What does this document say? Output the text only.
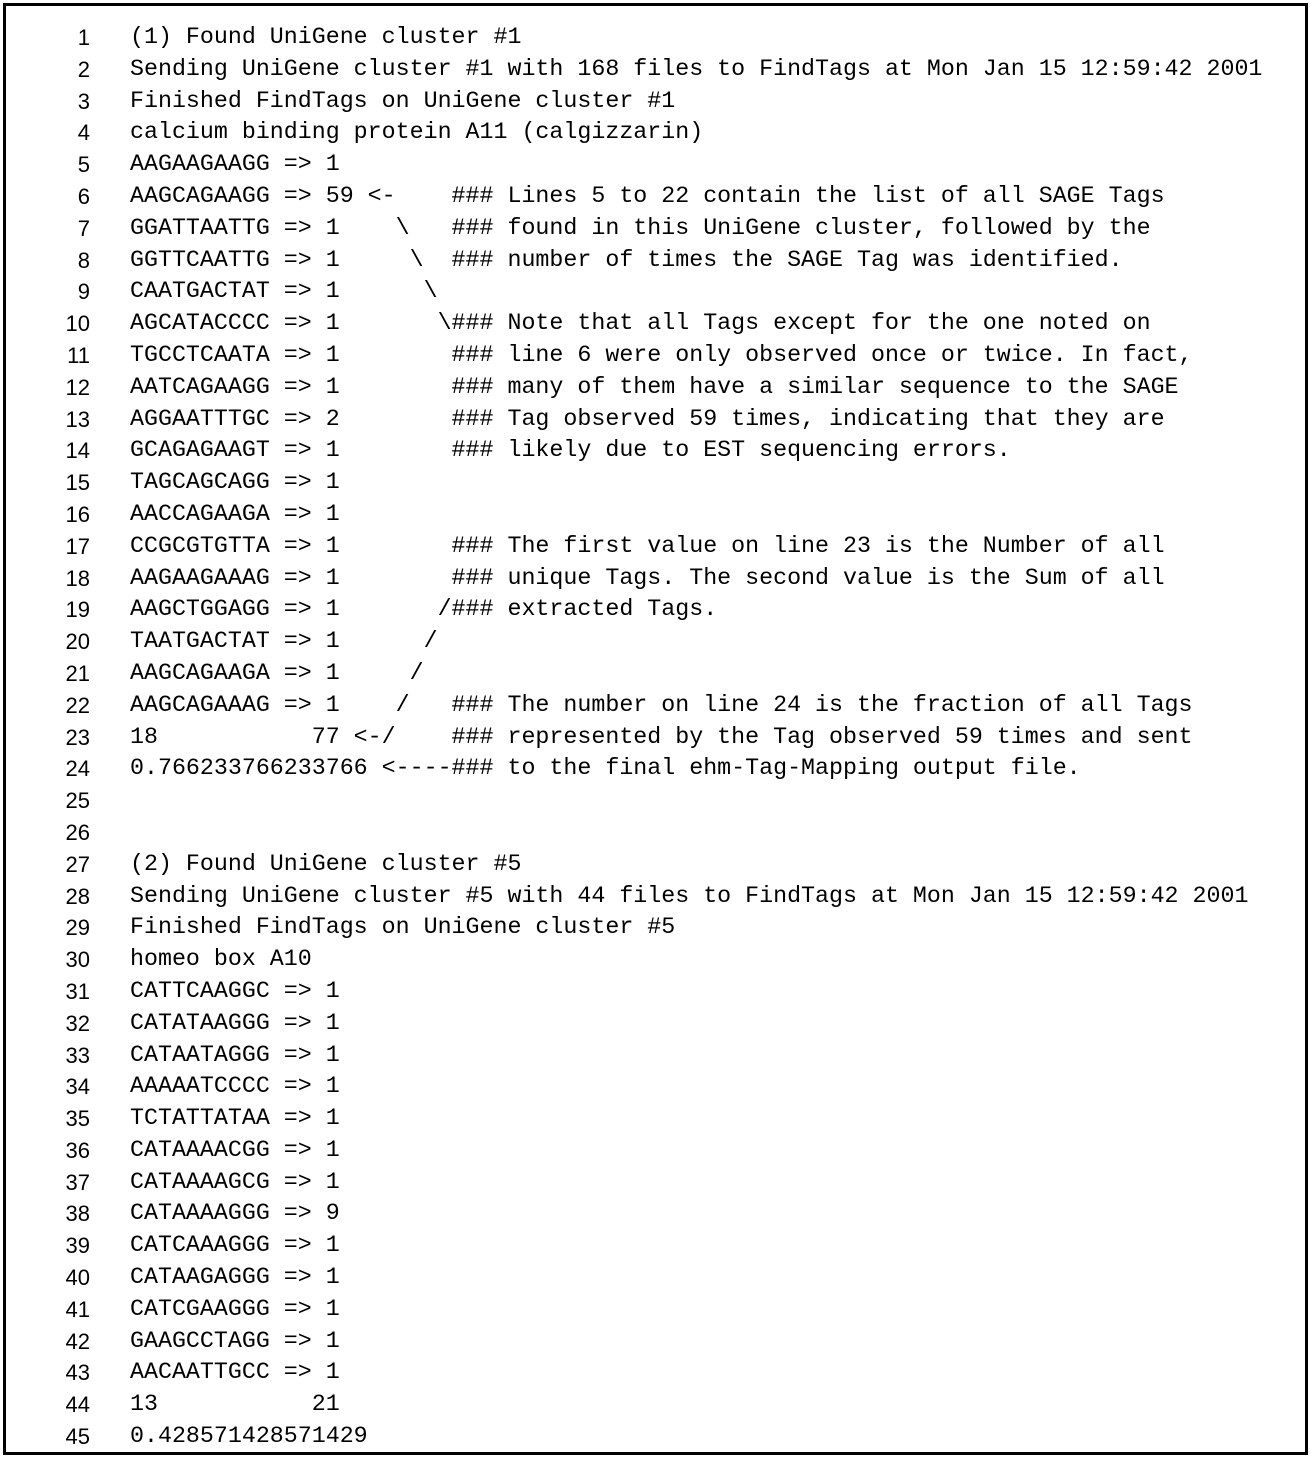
1 (1) Found UniGene cluster #1
2 Sending UniGene cluster #1 with 168 files to FindTags at Mon Jan 15 12:59:42 2001
3 Finished FindTags on UniGene cluster #1
4 calcium binding protein A11 (calgizzarin)
5 AAGAAGAAGG => 1
6 AAGCAGAAGG => 59 <-    ### Lines 5 to 22 contain the list of all SAGE Tags
7 GGATTAATTG => 1    \   ### found in this UniGene cluster, followed by the
8 GGTTCAATTG => 1     \  ### number of times the SAGE Tag was identified.
9 CAATGACTAT => 1      \
10 AGCATACCCC => 1       \### Note that all Tags except for the one noted on
11 TGCCTCAATA => 1        ### line 6 were only observed once or twice. In fact,
12 AATCAGAAGG => 1        ### many of them have a similar sequence to the SAGE
13 AGGAATTTGC => 2        ### Tag observed 59 times, indicating that they are
14 GCAGAGAAGT => 1        ### likely due to EST sequencing errors.
15 TAGCAGCAGG => 1
16 AACCAGAAGA => 1
17 CCGCGTGTTA => 1        ### The first value on line 23 is the Number of all
18 AAGAAGAAAG => 1        ### unique Tags. The second value is the Sum of all
19 AAGCTGGAGG => 1       /### extracted Tags.
20 TAATGACTAT => 1      /
21 AAGCAGAAGA => 1     /
22 AAGCAGAAAG => 1    /   ### The number on line 24 is the fraction of all Tags
23 18           77 <-/    ### represented by the Tag observed 59 times and sent
24 0.766233766233766 <----### to the final ehm-Tag-Mapping output file.
25
26
27 (2) Found UniGene cluster #5
28 Sending UniGene cluster #5 with 44 files to FindTags at Mon Jan 15 12:59:42 2001
29 Finished FindTags on UniGene cluster #5
30 homeo box A10
31 CATTCAAGGC => 1
32 CATATAAGGG => 1
33 CATAATAGGG => 1
34 AAAAATCCCC => 1
35 TCTATTATAA => 1
36 CATAAAACGG => 1
37 CATAAAAGCG => 1
38 CATAAAAGGG => 9
39 CATCAAAGGG => 1
40 CATAAGAGGG => 1
41 CATCGAAGGG => 1
42 GAAGCCTAGG => 1
43 AACAATTGCC => 1
44 13           21
45 0.428571428571429
